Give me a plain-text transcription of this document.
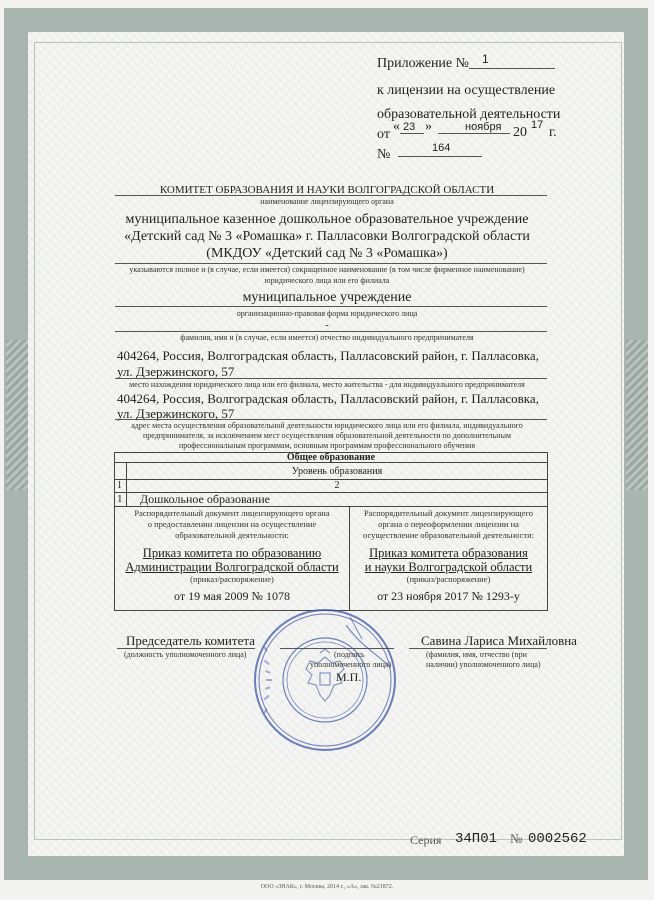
Приложение № 1
к лицензии на осуществление
образовательной деятельности
от
« 23 »	ноября 20 17 г.
№	164
КОМИТЕТ ОБРАЗОВАНИЯ И НАУКИ ВОЛГОГРАДСКОЙ ОБЛАСТИ
наименование лицензирующего органа
муниципальное казенное дошкольное образовательное учреждение
«Детский сад № 3 «Ромашка» г. Палласовки Волгоградской области
(МКДОУ «Детский сад № 3 «Ромашка»)
указываются полное и (в случае, если имеется) сокращенное наименование (в том числе фирменное наименование)
юридического лица или его филиала
муниципальное учреждение
организационно-правовая форма юридического лица
-
фамилия, имя и (в случае, если имеется) отчество индивидуального предпринимателя
404264, Россия, Волгоградская область, Палласовский район, г. Палласовка,
ул. Дзержинского, 57
место нахождения юридического лица или его филиала, место жительства - для индивидуального предпринимателя
404264, Россия, Волгоградская область, Палласовский район, г. Палласовка,
ул. Дзержинского, 57
адрес места осуществления образовательной деятельности юридического лица или его филиала, индивидуального
предпринимателя, за исключением мест осуществления образовательной деятельности по дополнительным
профессиональным программам, основным программам профессионального обучения
Общее образование
Уровень образования
1	2
1 Дошкольное образование
Распорядительный документ лицензирующего органа
о предоставлении лицензии на осуществление
образовательной деятельности:
Приказ комитета по образованию
Администрации Волгоградской области
(приказ/распоряжение)
от 19 мая 2009 № 1078
Распорядительный документ лицензирующего
органа о переоформлении лицензии на
осуществление образовательной деятельности:
Приказ комитета образования
и науки Волгоградской области
(приказ/распоряжение)
от 23 ноября 2017 № 1293-у
Председатель комитета
(должность уполномоченного лица)	(подпись
уполномоченного лица)
М.П.
Савина Лариса Михайловна
(фамилия, имя, отчество (при
наличии) уполномоченного лица)
Серия 34П01 № 0002562
ООО «ЗНАК», г. Москва, 2014 г., «А», зак. №21872.
